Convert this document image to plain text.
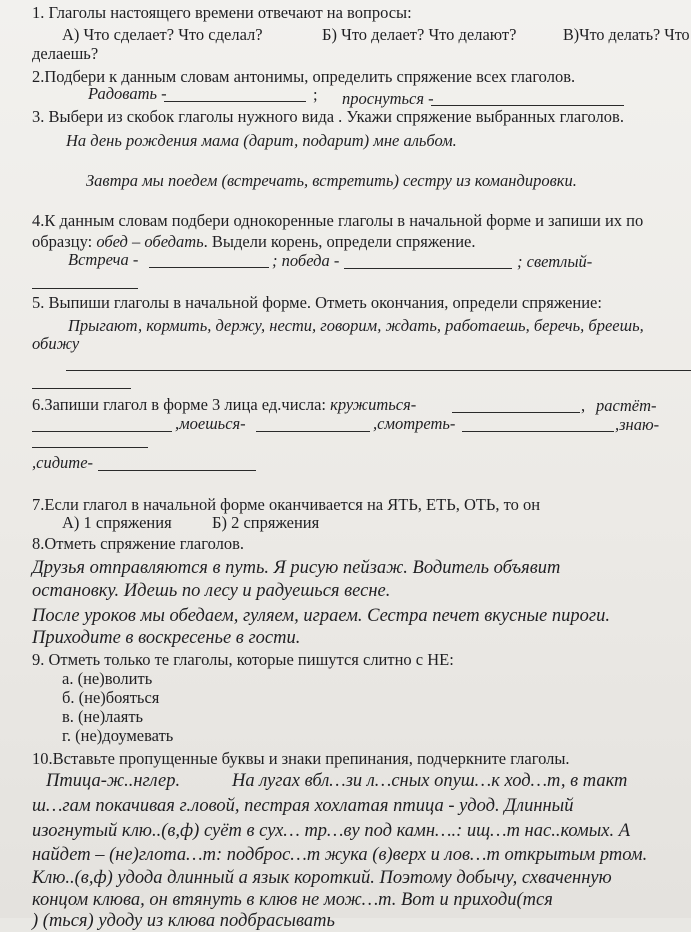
1. Глаголы настоящего времени отвечают на вопросы:
А) Что сделает? Что сделал?	Б) Что делает? Что делают?	В)Что делать? Что
делаешь?
2.Подбери к данным словам антонимы, определить спряжение всех глаголов.
Радовать -	; проснуться -
3. Выбери из скобок глаголы нужного вида . Укажи спряжение выбранных глаголов.
На день рождения мама (дарит, подарит) мне альбом.
Завтра мы поедем (встречать, встретить) сестру из командировки.
4.К данным словам подбери однокоренные глаголы в начальной форме и запиши их по
образцу: обед – обедать. Выдели корень, определи спряжение.
Встреча -	; победа -	; светлый-
5. Выпиши глаголы в начальной форме. Отметь окончания, определи спряжение:
Прыгают, кормить, держу, нести, говорим, ждать, работаешь, беречь, бреешь,
обижу
6.Запиши глагол в форме 3 лица ед.числа: кружиться-	, растёт-
,моешься-	,смотреть-	,знаю-
,сидите-
7.Если глагол в начальной форме оканчивается на ЯТЬ, ЕТЬ, ОТЬ, то он
А) 1 спряжения Б) 2 спряжения
8.Отметь спряжение глаголов.
Друзья отправляются в путь. Я рисую пейзаж. Водитель объявит
остановку. Идешь по лесу и радуешься весне.
После уроков мы обедаем, гуляем, играем. Сестра печет вкусные пироги.
Приходите в воскресенье в гости.
9. Отметь только те глаголы, которые пишутся слитно с НЕ:
а. (не)волить
б. (не)бояться
в. (не)лаять
г. (не)доумевать
10.Вставьте пропущенные буквы и знаки препинания, подчеркните глаголы.
Птица-ж..нглер.	На лугах вбл…зи л…сных опуш…к ход…т, в такт
ш…гам покачивая г.ловой, пестрая хохлатая птица - удод. Длинный
изогнутый клю..(в,ф) суёт в сух… тр…ву под камн….: ищ…т нас..комых. А
найдет – (не)глота…т: подброс…т жука (в)верх и лов…т открытым ртом.
Клю..(в,ф) удода длинный а язык короткий. Поэтому добычу, схваченную
концом клюва, он втянуть в клюв не мож…т. Вот и приходи(тся
) (ться) удоду из клюва подбрасывать
